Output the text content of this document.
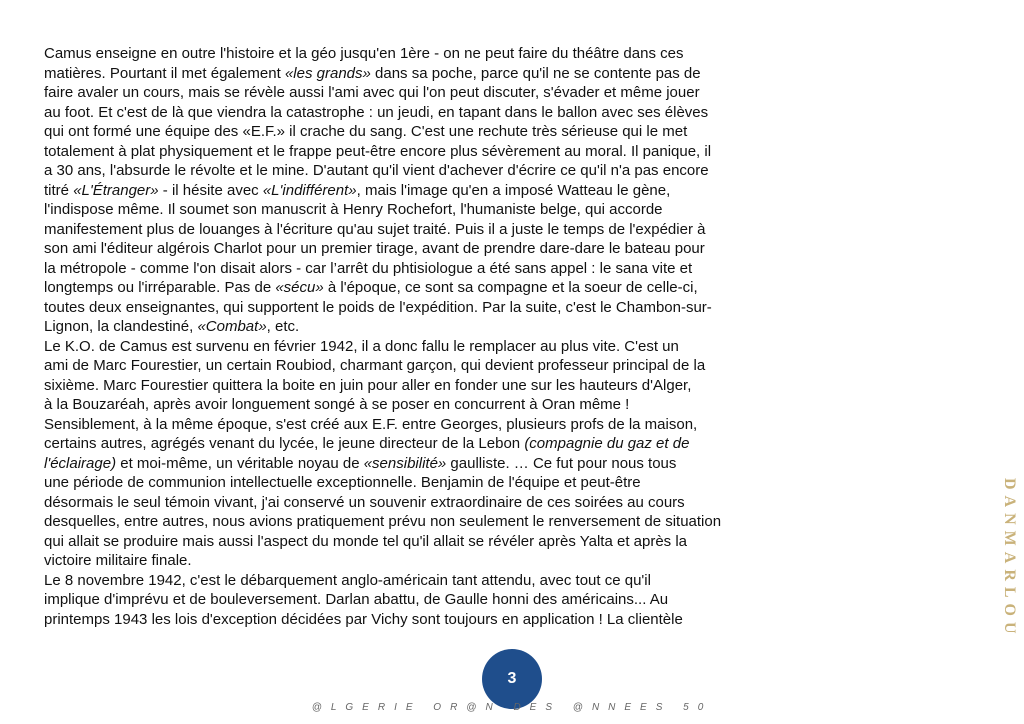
Camus enseigne en outre l'histoire et la géo jusqu'en 1ère - on ne peut faire du théâtre dans ces
matières. Pourtant il met également «les grands» dans sa poche, parce qu'il ne se contente pas de
faire avaler un cours, mais se révèle aussi l'ami avec qui l'on peut discuter, s'évader et même jouer
au foot. Et c'est de là que viendra la catastrophe : un jeudi, en tapant dans le ballon avec ses élèves
qui ont formé une équipe des «E.F.» il crache du sang. C'est une rechute très sérieuse qui le met
totalement à plat physiquement et le frappe peut-être encore plus sévèrement au moral. Il panique, il
a 30 ans, l'absurde le révolte et le mine. D'autant qu'il vient d'achever d'écrire ce qu'il n'a pas encore
titré «L'Étranger» - il hésite avec «L'indifférent», mais l'image qu'en a imposé Watteau le gène,
l'indispose même. Il soumet son manuscrit à Henry Rochefort, l'humaniste belge, qui accorde
manifestement plus de louanges à l'écriture qu'au sujet traité. Puis il a juste le temps de l'expédier à
son ami l'éditeur algérois Charlot pour un premier tirage, avant de prendre dare-dare le bateau pour
la métropole - comme l'on disait alors - car l’arrêt du phtisiologue a été sans appel : le sana vite et
longtemps ou l'irréparable. Pas de «sécu» à l'époque, ce sont sa compagne et la soeur de celle-ci,
toutes deux enseignantes, qui supportent le poids de l'expédition. Par la suite, c'est le Chambon-sur-
Lignon, la clandestiné, «Combat», etc.
Le K.O. de Camus est survenu en février 1942, il a donc fallu le remplacer au plus vite. C'est un
ami de Marc Fourestier, un certain Roubiod, charmant garçon, qui devient professeur principal de la
sixième. Marc Fourestier quittera la boite en juin pour aller en fonder une sur les hauteurs d'Alger,
à la Bouzaréah, après avoir longuement songé à se poser en concurrent à Oran même !
Sensiblement, à la même époque, s'est créé aux E.F. entre Georges, plusieurs profs de la maison,
certains autres, agrégés venant du lycée, le jeune directeur de la Lebon (compagnie du gaz et de
l'éclairage) et moi-même, un véritable noyau de «sensibilité» gaulliste. … Ce fut pour nous tous
une période de communion intellectuelle exceptionnelle. Benjamin de l'équipe et peut-être
désormais le seul témoin vivant, j'ai conservé un souvenir extraordinaire de ces soirées au cours
desquelles, entre autres, nous avions pratiquement prévu non seulement le renversement de situation
qui allait se produire mais aussi l'aspect du monde tel qu'il allait se révéler après Yalta et après la
victoire militaire finale.
Le 8 novembre 1942, c'est le débarquement anglo-américain tant attendu, avec tout ce qu'il
implique d'imprévu et de bouleversement. Darlan abattu, de Gaulle honni des américains... Au
printemps 1943 les lois d'exception décidées par Vichy sont toujours en application ! La clientèle
3
@LGERIE OR@N DES @NNEES 50
DANMARLOU
